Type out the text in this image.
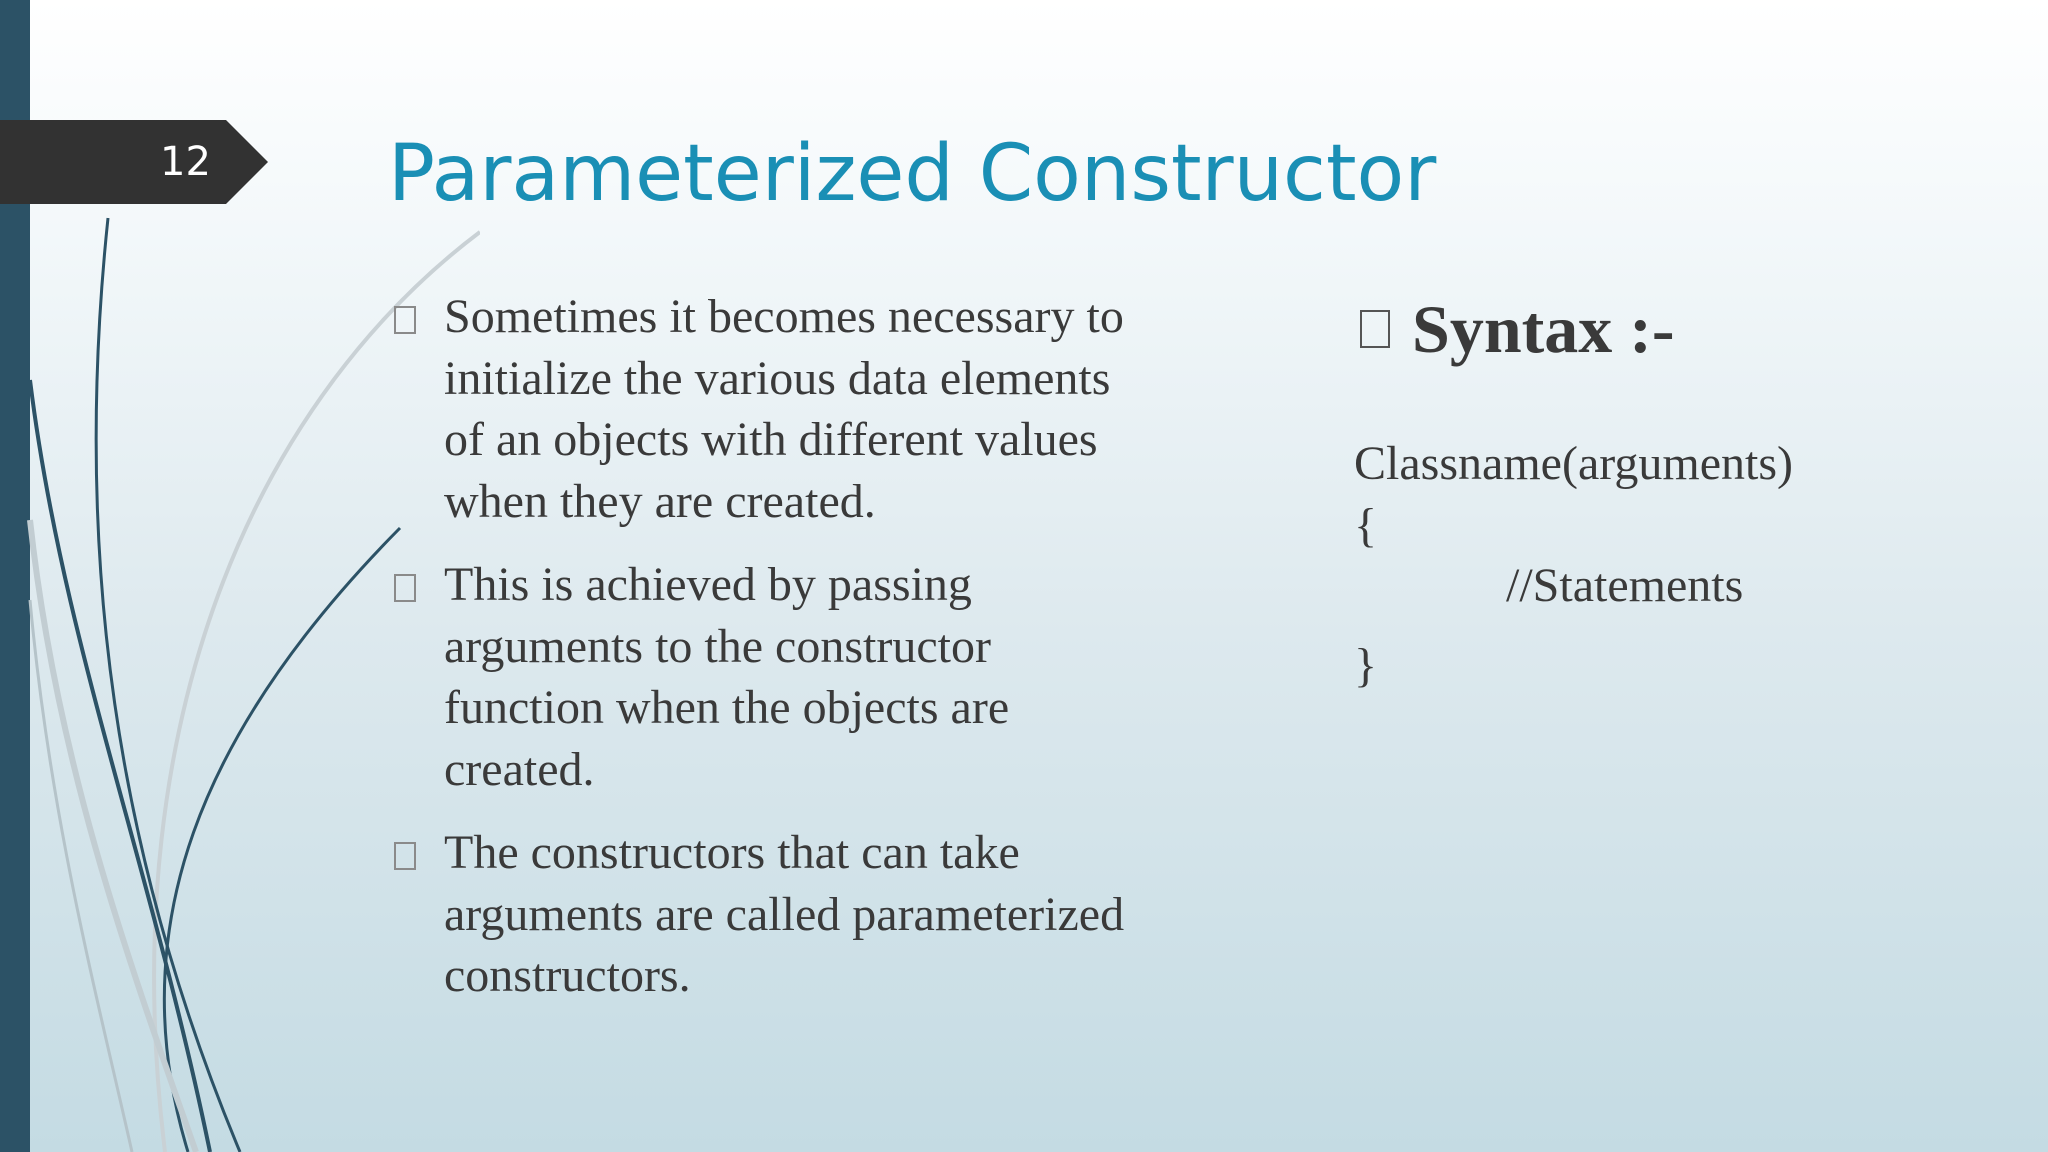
12 Parameterized Constructor
Sometimes it becomes necessary to initialize the various data elements of an objects with different values when they are created.
This is achieved by passing arguments to the constructor function when the objects are created.
The constructors that can take arguments are called parameterized constructors.
Syntax :-
Classname(arguments)
{
//Statements
}
